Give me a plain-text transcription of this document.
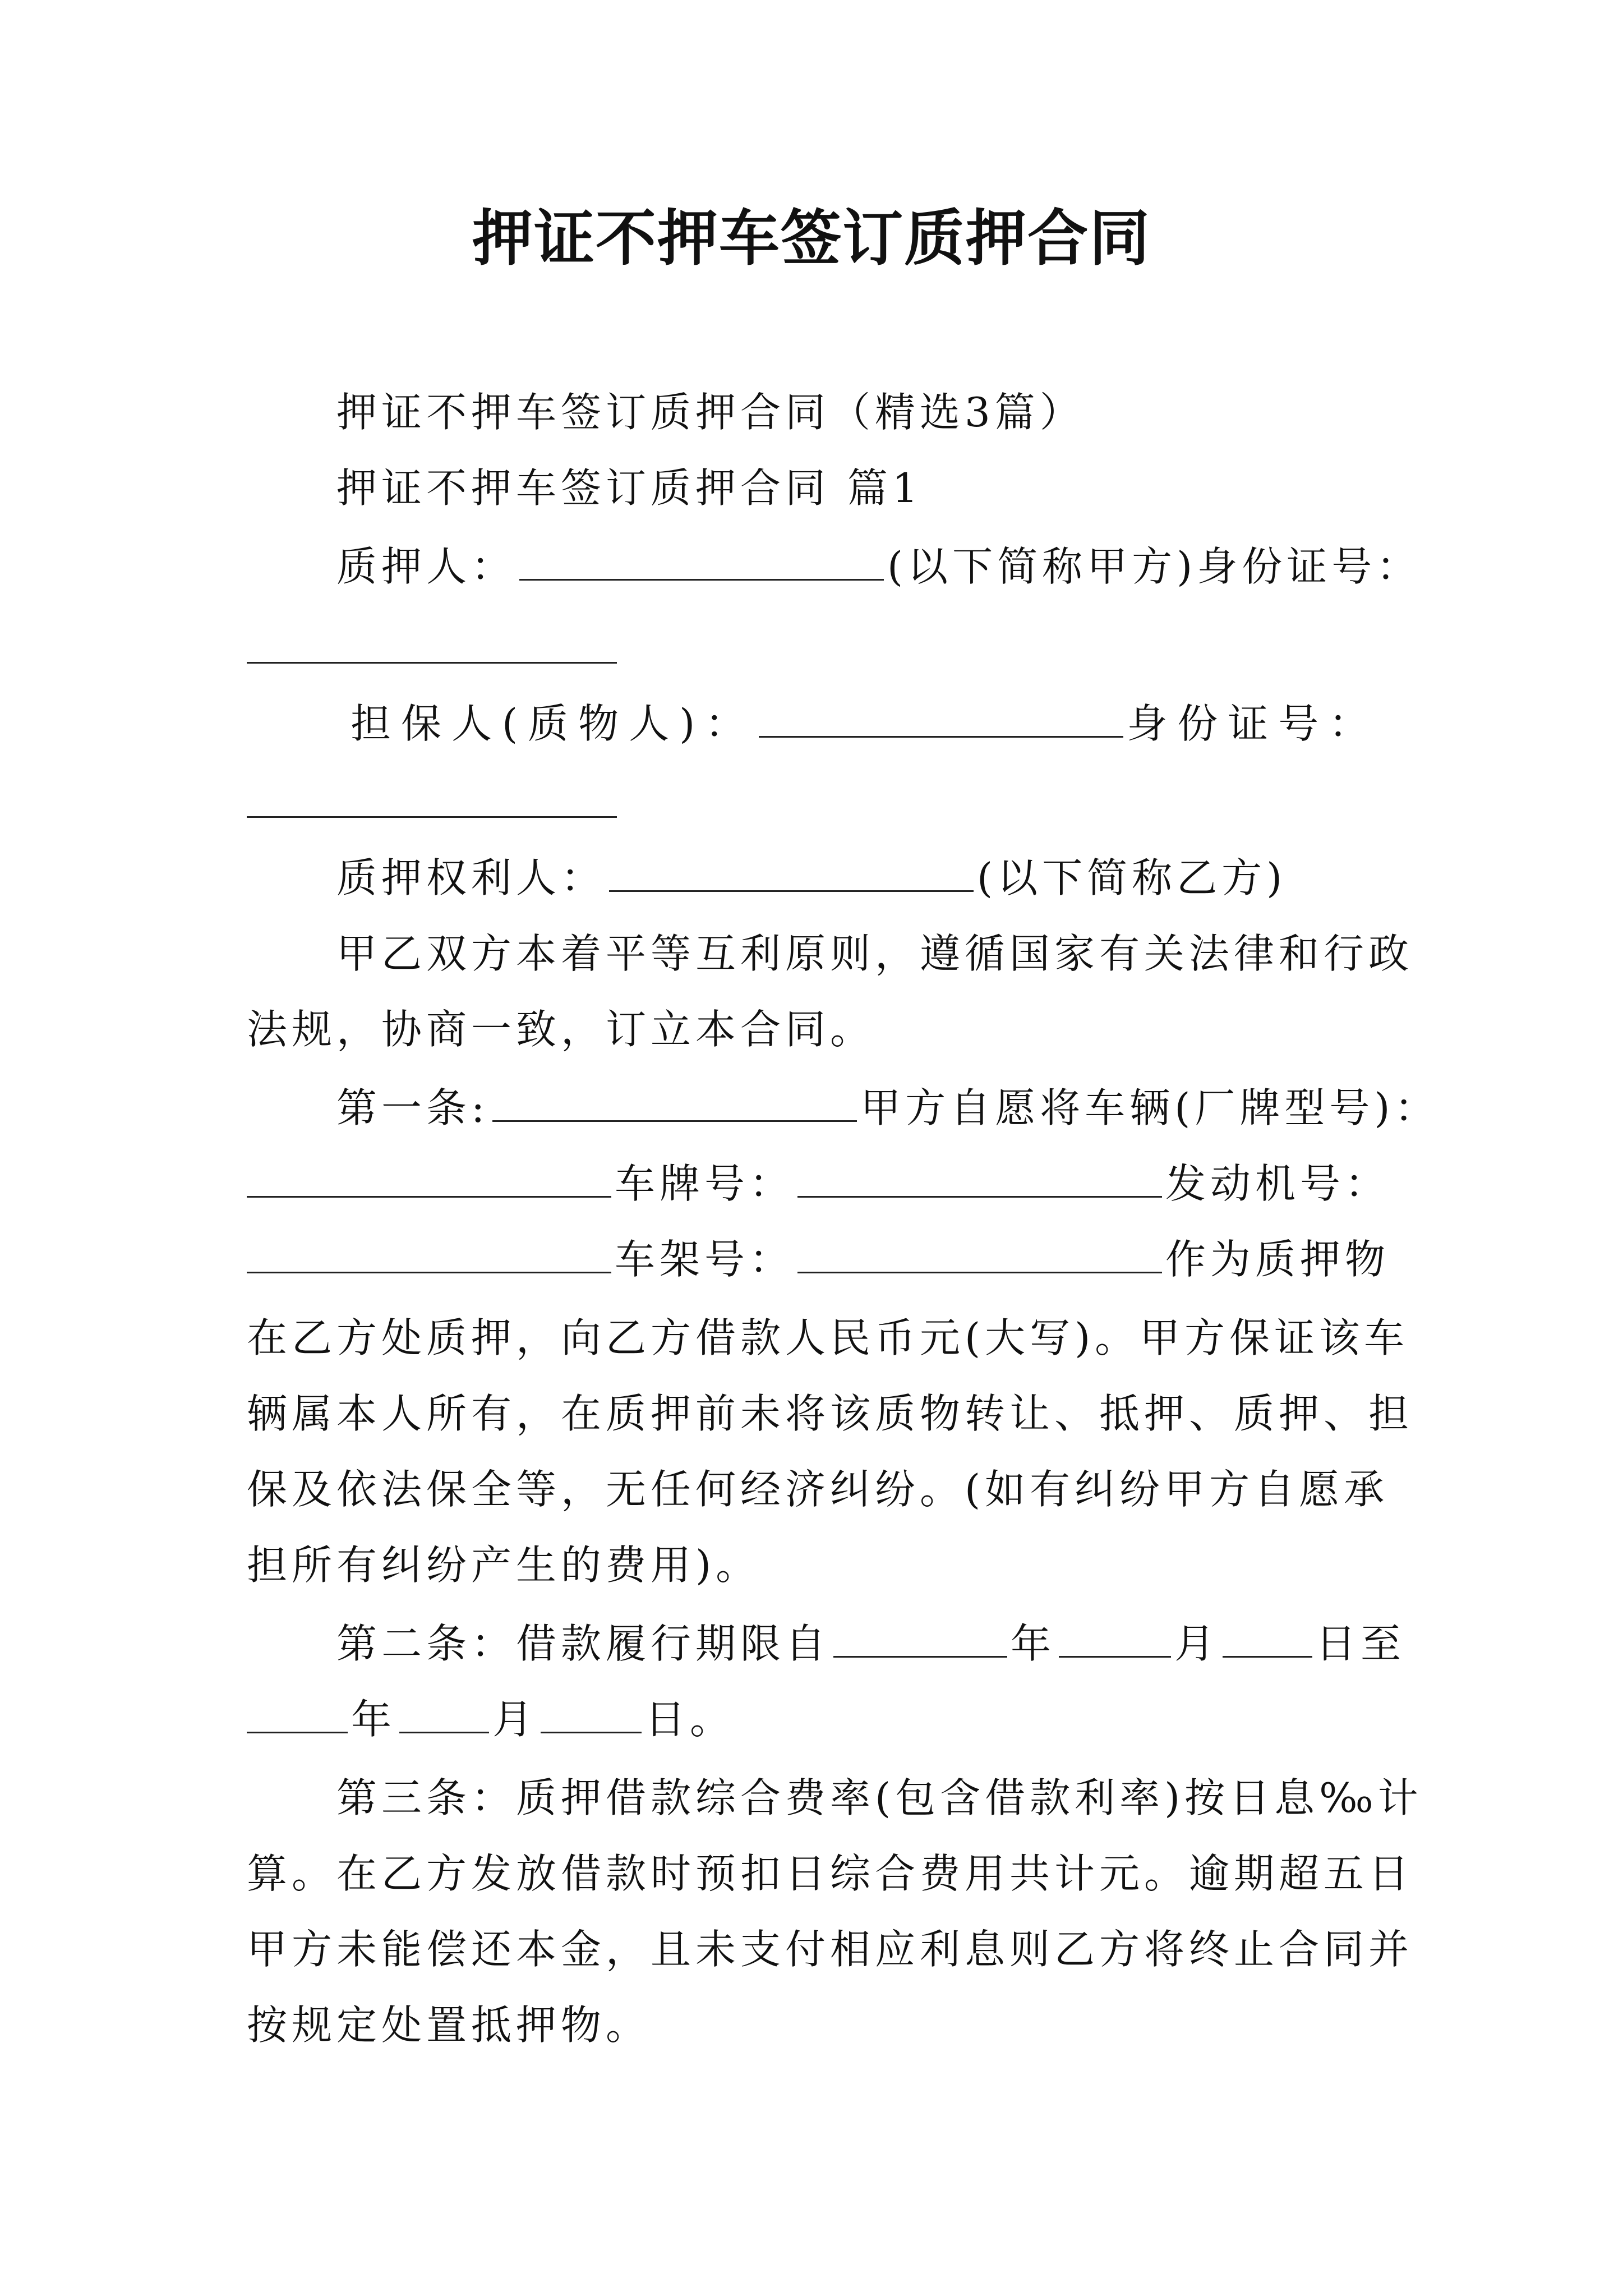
押证不押车签订质押合同
押证不押车签订质押合同（精选3篇）
押证不押车签订质押合同 篇1
质押人：	(以下简称甲方)身份证号：
担保人(质物人)：	身份证号：
质押权利人：	(以下简称乙方)
甲乙双方本着平等互利原则，遵循国家有关法律和行政
法规，协商一致，订立本合同。
第一条:	甲方自愿将车辆(厂牌型号)：
车牌号：	发动机号：
车架号：	作为质押物
在乙方处质押，向乙方借款人民币元(大写)。甲方保证该车
辆属本人所有，在质押前未将该质物转让、抵押、质押、担
保及依法保全等，无任何经济纠纷。(如有纠纷甲方自愿承
担所有纠纷产生的费用)。
第二条：借款履行期限自	年	月 日至
年 月	日。
第三条：质押借款综合费率(包含借款利率)按日息‰计
算。在乙方发放借款时预扣日综合费用共计元。逾期超五日
甲方未能偿还本金，且未支付相应利息则乙方将终止合同并
按规定处置抵押物。
